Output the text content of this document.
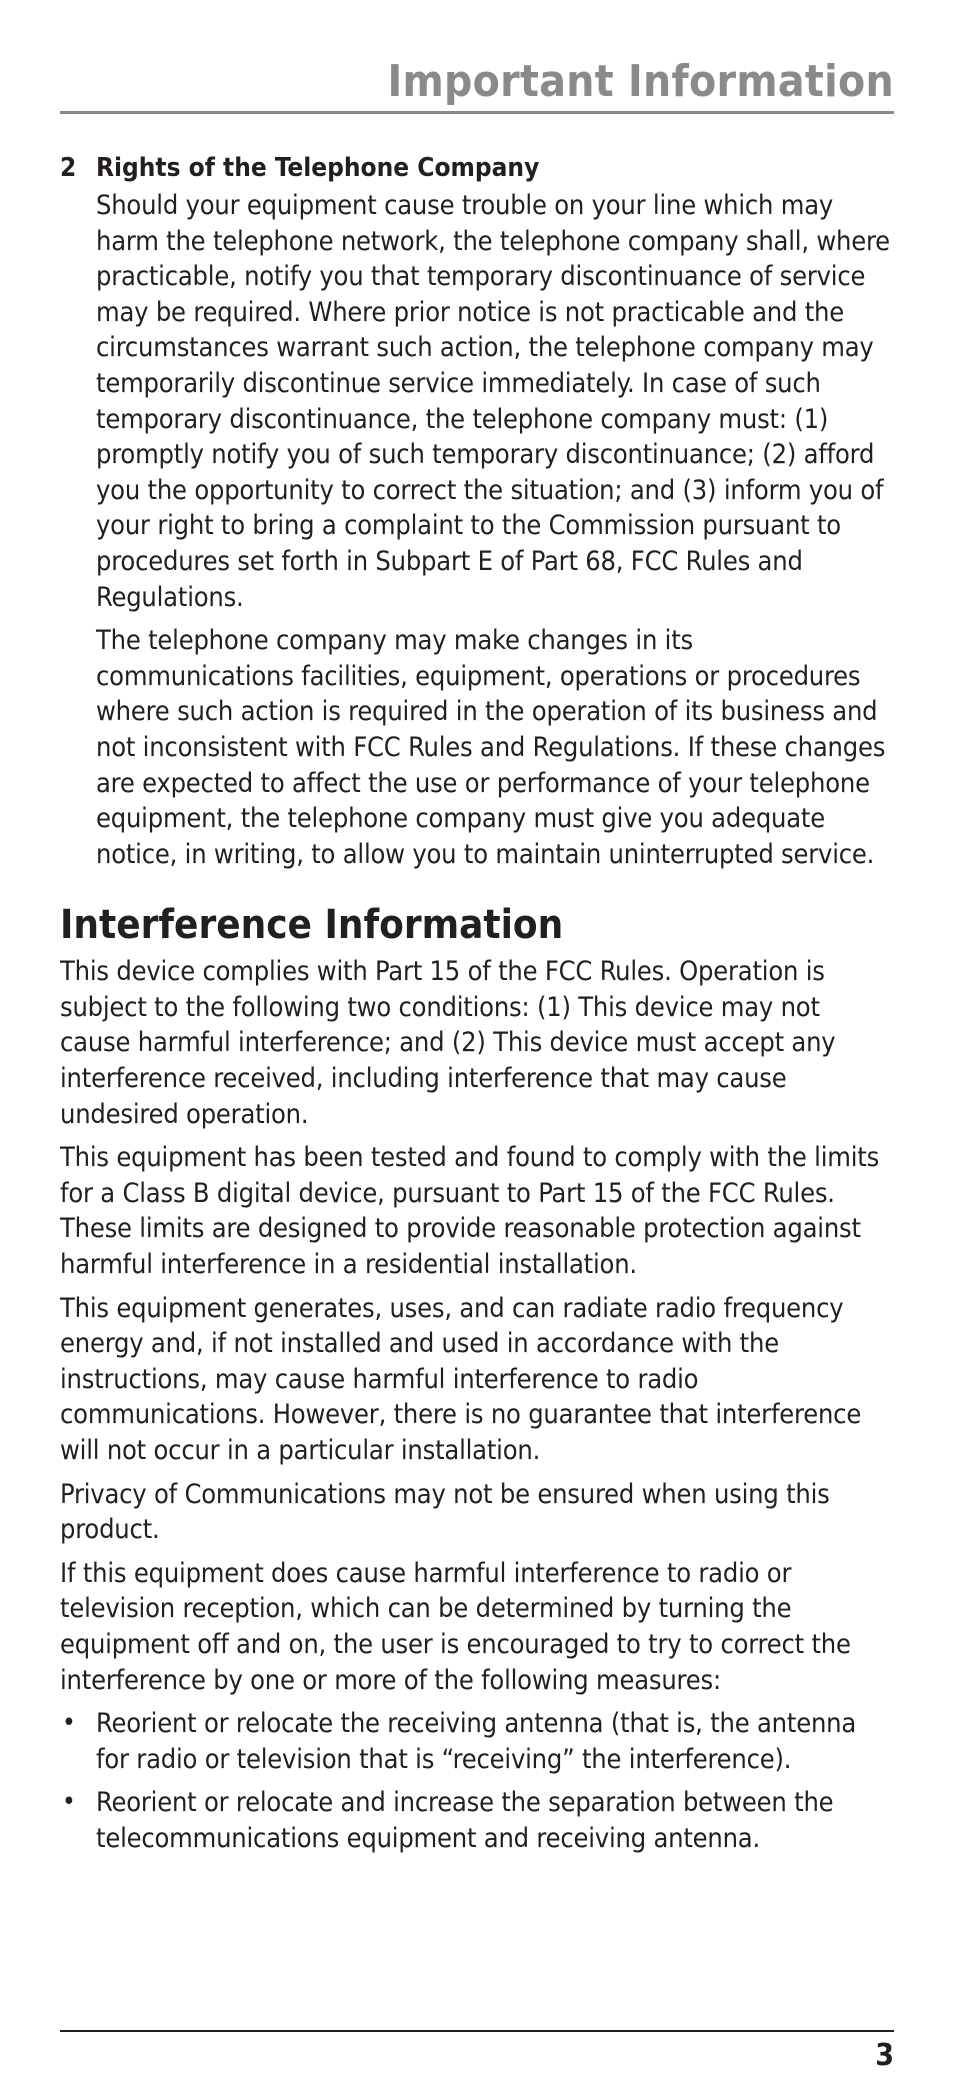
Important Information
2 Rights of the Telephone Company

Should your equipment cause trouble on your line which may harm the telephone network, the telephone company shall, where practicable, notify you that temporary discontinuance of service may be required. Where prior notice is not practicable and the circumstances warrant such action, the telephone company may temporarily discontinue service immediately. In case of such temporary discontinuance, the telephone company must: (1) promptly notify you of such temporary discontinuance; (2) afford you the opportunity to correct the situation; and (3) inform you of your right to bring a complaint to the Commission pursuant to procedures set forth in Subpart E of Part 68, FCC Rules and Regulations.

The telephone company may make changes in its communications facilities, equipment, operations or procedures where such action is required in the operation of its business and not inconsistent with FCC Rules and Regulations. If these changes are expected to affect the use or performance of your telephone equipment, the telephone company must give you adequate notice, in writing, to allow you to maintain uninterrupted service.

Interference Information

This device complies with Part 15 of the FCC Rules. Operation is subject to the following two conditions: (1) This device may not cause harmful interference; and (2) This device must accept any interference received, including interference that may cause undesired operation.

This equipment has been tested and found to comply with the limits for a Class B digital device, pursuant to Part 15 of the FCC Rules. These limits are designed to provide reasonable protection against harmful interference in a residential installation.

This equipment generates, uses, and can radiate radio frequency energy and, if not installed and used in accordance with the instructions, may cause harmful interference to radio communications. However, there is no guarantee that interference will not occur in a particular installation.

Privacy of Communications may not be ensured when using this product.

If this equipment does cause harmful interference to radio or television reception, which can be determined by turning the equipment off and on, the user is encouraged to try to correct the interference by one or more of the following measures:

• Reorient or relocate the receiving antenna (that is, the antenna for radio or television that is “receiving” the interference).
• Reorient or relocate and increase the separation between the telecommunications equipment and receiving antenna.
3
